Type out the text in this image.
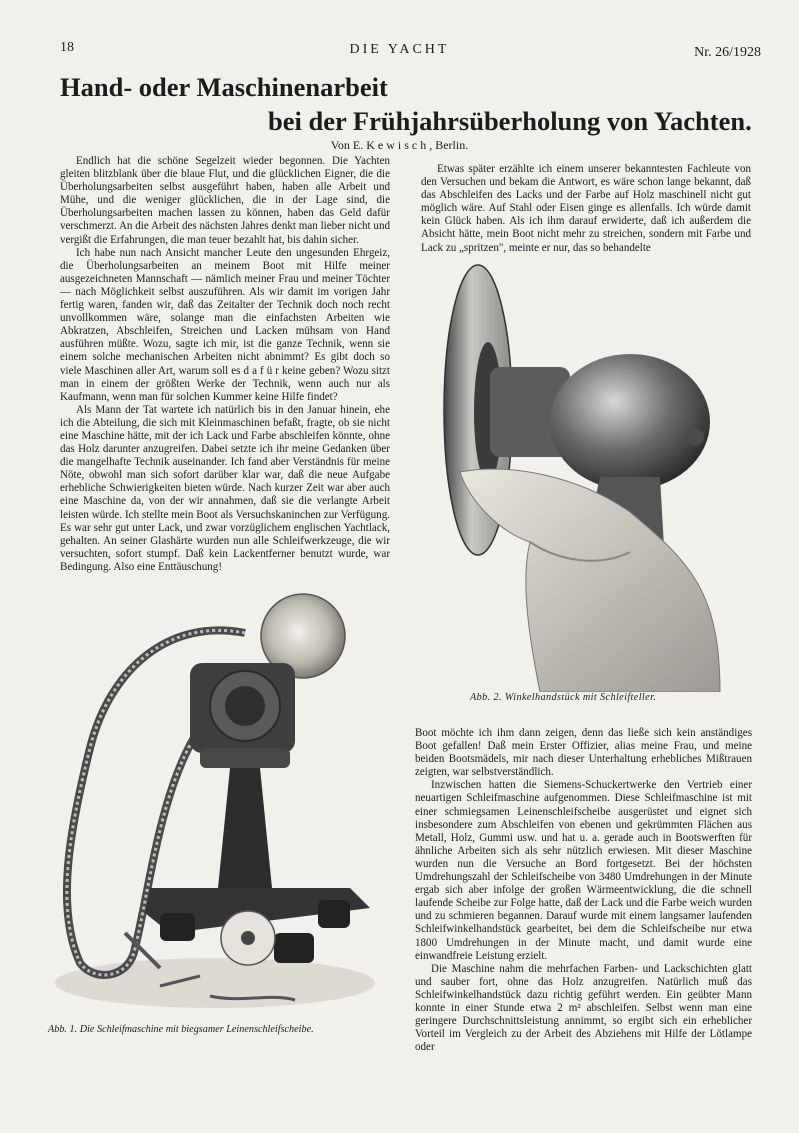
18	DIE YACHT	Nr. 26/1928
Hand- oder Maschinenarbeit
bei der Frühjahrsüberholung von Yachten.
Von E. K e w i s c h , Berlin.

Endlich hat die schöne Segelzeit wieder begonnen. Die Yachten gleiten blitzblank über die blaue Flut, und die glücklichen Eigner, die die Überholungsarbeiten selbst ausgeführt haben, haben alle Arbeit und Mühe, und die weniger glücklichen, die in der Lage sind, die Überholungsarbeiten machen lassen zu können, haben das Geld dafür verschmerzt. An die Arbeit des nächsten Jahres denkt man lieber nicht und vergißt die Erfahrungen, die man teuer bezahlt hat, bis dahin sicher.

Ich habe nun nach Ansicht mancher Leute den ungesunden Ehrgeiz, die Überholungsarbeiten an meinem Boot mit Hilfe meiner ausgezeichneten Mannschaft — nämlich meiner Frau und meiner Töchter — nach Möglichkeit selbst auszuführen. Als wir damit im vorigen Jahr fertig waren, fanden wir, daß das Zeitalter der Technik doch noch recht unvollkommen wäre, solange man die einfachsten Arbeiten wie Abkratzen, Abschleifen, Streichen und Lacken mühsam von Hand ausführen müßte. Wozu, sagte ich mir, ist die ganze Technik, wenn sie einem solche mechanischen Arbeiten nicht abnimmt? Es gibt doch so viele Maschinen aller Art, warum soll es d a f ü r keine geben? Wozu sitzt man in einem der größten Werke der Technik, wenn auch nur als Kaufmann, wenn man für solchen Kummer keine Hilfe findet?

Als Mann der Tat wartete ich natürlich bis in den Januar hinein, ehe ich die Abteilung, die sich mit Kleinmaschinen befaßt, fragte, ob sie nicht eine Maschine hätte, mit der ich Lack und Farbe abschleifen könnte, ohne das Holz darunter anzugreifen. Dabei setzte ich ihr meine Gedanken über die mangelhafte Technik auseinander. Ich fand aber Verständnis für meine Nöte, obwohl man sich sofort darüber klar war, daß die neue Aufgabe erhebliche Schwierigkeiten bieten würde. Nach kurzer Zeit war aber auch eine Maschine da, von der wir annahmen, daß sie die verlangte Arbeit leisten würde. Ich stellte mein Boot als Versuchskaninchen zur Verfügung. Es war sehr gut unter Lack, und zwar vorzüglichem englischen Yachtlack, gehalten. An seiner Glashärte wurden nun alle Schleifwerkzeuge, die wir versuchten, sofort stumpf. Daß kein Lackentferner benutzt wurde, war Bedingung. Also eine Enttäuschung!

Etwas später erzählte ich einem unserer bekanntesten Fachleute von den Versuchen und bekam die Antwort, es wäre schon lange bekannt, daß das Abschleifen des Lacks und der Farbe auf Holz maschinell nicht gut möglich wäre. Auf Stahl oder Eisen ginge es allenfalls. Ich würde damit kein Glück haben. Als ich ihm darauf erwiderte, daß ich außerdem die Absicht hätte, mein Boot nicht mehr zu streichen, sondern mit Farbe und Lack zu „spritzen", meinte er nur, das so behandelte

Abb. 2. Winkelhandstück mit Schleifteller.
Abb. 1. Die Schleifmaschine mit biegsamer Leinenschleifscheibe.

Boot möchte ich ihm dann zeigen, denn das ließe sich kein anständiges Boot gefallen! Daß mein Erster Offizier, alias meine Frau, und meine beiden Bootsmädels, mir nach dieser Unterhaltung erhebliches Mißtrauen zeigten, war selbstverständlich.

Inzwischen hatten die Siemens-Schuckertwerke den Vertrieb einer neuartigen Schleifmaschine aufgenommen. Diese Schleifmaschine ist mit einer schmiegsamen Leinenschleifscheibe ausgerüstet und eignet sich insbesondere zum Abschleifen von ebenen und gekrümmten Flächen aus Metall, Holz, Gummi usw. und hat u. a. gerade auch in Bootswerften für ähnliche Arbeiten sich als sehr nützlich erwiesen. Mit dieser Maschine wurden nun die Versuche an Bord fortgesetzt. Bei der höchsten Umdrehungszahl der Schleifscheibe von 3480 Umdrehungen in der Minute ergab sich aber infolge der großen Wärmeentwicklung, die die schnell laufende Scheibe zur Folge hatte, daß der Lack und die Farbe weich wurden und zu schmieren begannen. Darauf wurde mit einem langsamer laufenden Schleifwinkelhandstück gearbeitet, bei dem die Schleifscheibe nur etwa 1800 Umdrehungen in der Minute macht, und damit wurde eine einwandfreie Leistung erzielt.

Die Maschine nahm die mehrfachen Farben- und Lackschichten glatt und sauber fort, ohne das Holz anzugreifen. Natürlich muß das Schleifwinkelhandstück dazu richtig geführt werden. Ein geübter Mann konnte in einer Stunde etwa 2 m² abschleifen. Selbst wenn man eine geringere Durchschnittsleistung annimmt, so ergibt sich ein erheblicher Vorteil im Vergleich zu der Arbeit des Abziehens mit Hilfe der Lötlampe oder
